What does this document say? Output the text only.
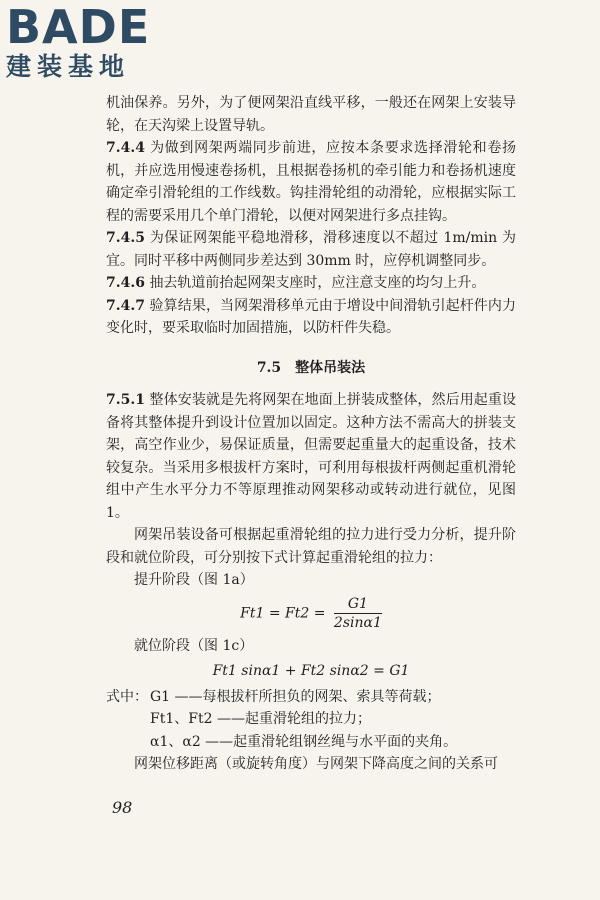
BADE
建装基地

机油保养。另外，为了便网架沿直线平移，一般还在网架上安装导轮，在天沟梁上设置导轨。

7.4.4 为做到网架两端同步前进，应按本条要求选择滑轮和卷扬机，并应选用慢速卷扬机，且根据卷扬机的牵引能力和卷扬机速度确定牵引滑轮组的工作线数。钩挂滑轮组的动滑轮，应根据实际工程的需要采用几个单门滑轮，以便对网架进行多点挂钩。

7.4.5 为保证网架能平稳地滑移，滑移速度以不超过 1m/min 为宜。同时平移中两侧同步差达到 30mm 时，应停机调整同步。

7.4.6 抽去轨道前抬起网架支座时，应注意支座的均匀上升。

7.4.7 验算结果，当网架滑移单元由于增设中间滑轨引起杆件内力变化时，要采取临时加固措施，以防杆件失稳。

7.5　整体吊装法

7.5.1 整体安装就是先将网架在地面上拼装成整体，然后用起重设备将其整体提升到设计位置加以固定。这种方法不需高大的拼装支架，高空作业少，易保证质量，但需要起重量大的起重设备，技术较复杂。当采用多根拔杆方案时，可利用每根拔杆两侧起重机滑轮组中产生水平分力不等原理推动网架移动或转动进行就位，见图 1。

网架吊装设备可根据起重滑轮组的拉力进行受力分析，提升阶段和就位阶段，可分别按下式计算起重滑轮组的拉力：

提升阶段（图 1a）

$Ft1 = Ft2 = \frac{G1}{2\sin\alpha 1}$

就位阶段（图 1c）

Ft1 sinα1 + Ft2 sinα2 = G1
式中： G1 ——每根拔杆所担负的网架、索具等荷载；
Ft1、Ft2 ——起重滑轮组的拉力；
α1、α2 ——起重滑轮组钢丝绳与水平面的夹角。

网架位移距离（或旋转角度）与网架下降高度之间的关系可

98
